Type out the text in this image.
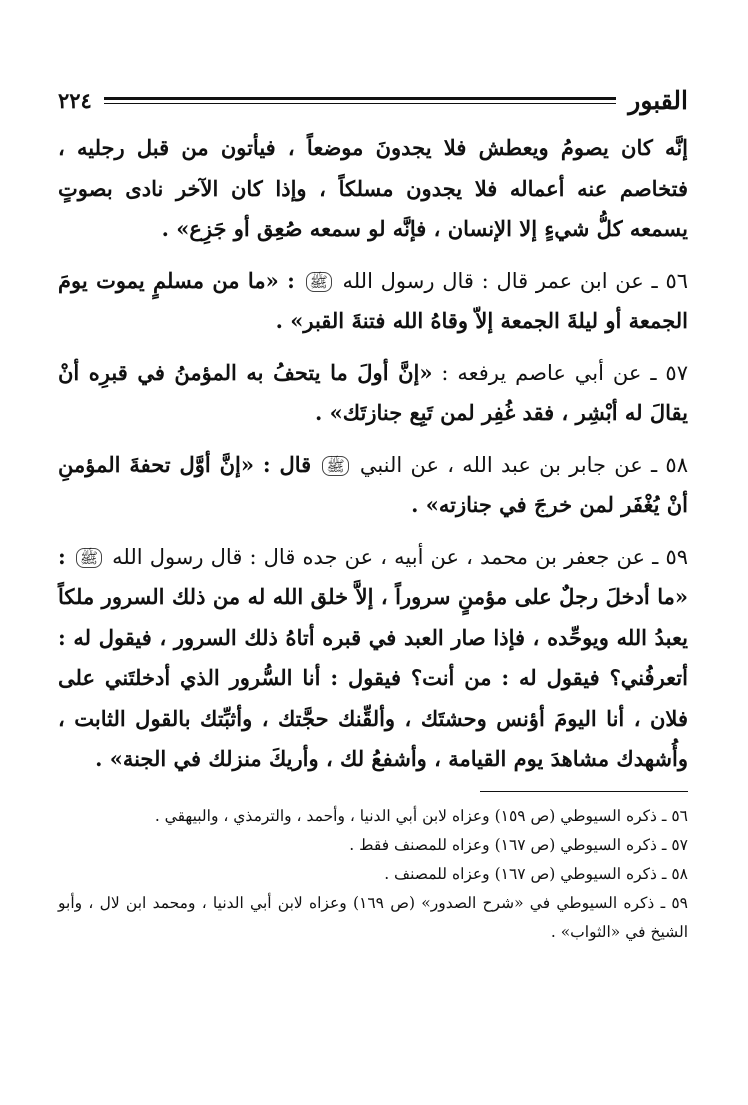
القبور
٢٢٤

إنَّه كان يصومُ ويعطش فلا يجدونَ موضعاً ، فيأتون من قبل رجليه ، فتخاصم عنه أعماله فلا يجدون مسلكاً ، وإذا كان الآخر نادى بصوتٍ يسمعه كلُّ شيءٍ إلا الإنسان ، فإنَّه لو سمعه صُعِق أو جَزِع» .

٥٦ ـ عن ابن عمر قال : قال رسول الله ﷺ : «ما من مسلمٍ يموت يومَ الجمعة أو ليلةَ الجمعة إلاّ وقاهُ الله فتنةَ القبر» .

٥٧ ـ عن أبي عاصم يرفعه : «إنَّ أولَ ما يتحفُ به المؤمنُ في قبرِه أنْ يقالَ له أبْشِر ، فقد غُفِر لمن تَبِع جنازتَك» .

٥٨ ـ عن جابر بن عبد الله ، عن النبي ﷺ قال : «إنَّ أوَّل تحفةَ المؤمنِ أنْ يُغْفَر لمن خرجَ في جنازته» .

٥٩ ـ عن جعفر بن محمد ، عن أبيه ، عن جده قال : قال رسول الله ﷺ : «ما أدخلَ رجلٌ على مؤمنٍ سروراً ، إلاَّ خلق الله له من ذلك السرور ملكاً يعبدُ الله ويوحِّده ، فإذا صار العبد في قبره أتاهُ ذلك السرور ، فيقول له : أتعرفُني؟ فيقول له : من أنت؟ فيقول : أنا السُّرور الذي أدخلتَني على فلان ، أنا اليومَ أؤنس وحشتَك ، وألقِّنك حجَّتك ، وأثبِّتك بالقول الثابت ، وأُشهدك مشاهدَ يوم القيامة ، وأشفعُ لك ، وأريكَ منزلك في الجنة» .

٥٦ ـ ذكره السيوطي (ص ١٥٩) وعزاه لابن أبي الدنيا ، وأحمد ، والترمذي ، والبيهقي .

٥٧ ـ ذكره السيوطي (ص ١٦٧) وعزاه للمصنف فقط .

٥٨ ـ ذكره السيوطي (ص ١٦٧) وعزاه للمصنف .

٥٩ ـ ذكره السيوطي في «شرح الصدور» (ص ١٦٩) وعزاه لابن أبي الدنيا ، ومحمد ابن لال ، وأبو الشيخ في «الثواب» .
